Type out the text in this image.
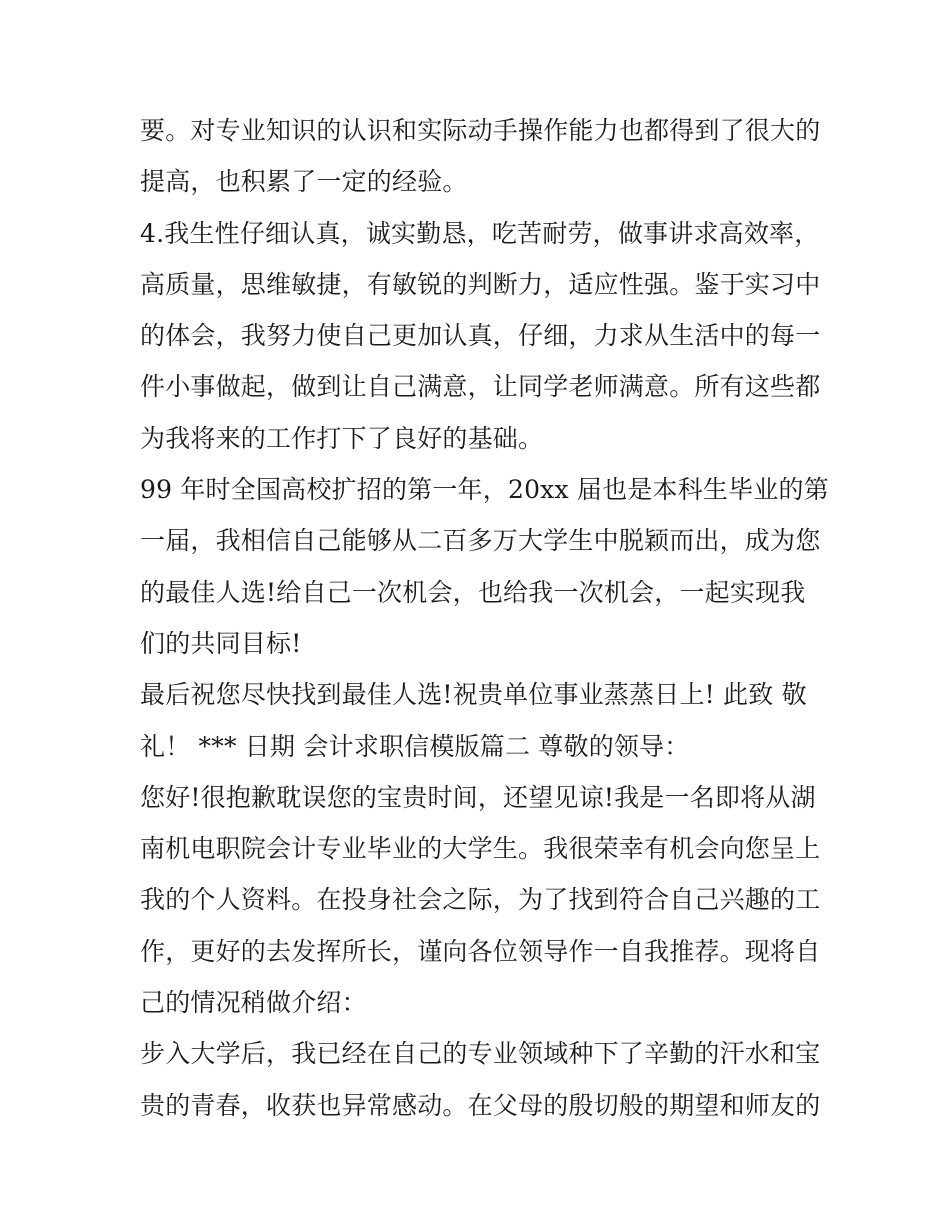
要。对专业知识的认识和实际动手操作能力也都得到了很大的
提高，也积累了一定的经验。
4.我生性仔细认真，诚实勤恳，吃苦耐劳，做事讲求高效率，
高质量，思维敏捷，有敏锐的判断力，适应性强。鉴于实习中
的体会，我努力使自己更加认真，仔细，力求从生活中的每一
件小事做起，做到让自己满意，让同学老师满意。所有这些都
为我将来的工作打下了良好的基础。
99 年时全国高校扩招的第一年，20xx 届也是本科生毕业的第
一届，我相信自己能够从二百多万大学生中脱颖而出，成为您
的最佳人选!给自己一次机会，也给我一次机会，一起实现我
们的共同目标!
最后祝您尽快找到最佳人选!祝贵单位事业蒸蒸日上! 此致 敬
礼！ *** 日期 会计求职信模版篇二 尊敬的领导：
您好!很抱歉耽误您的宝贵时间，还望见谅!我是一名即将从湖
南机电职院会计专业毕业的大学生。我很荣幸有机会向您呈上
我的个人资料。在投身社会之际，为了找到符合自己兴趣的工
作，更好的去发挥所长，谨向各位领导作一自我推荐。现将自
己的情况稍做介绍：
步入大学后，我已经在自己的专业领域种下了辛勤的汗水和宝
贵的青春，收获也异常感动。在父母的殷切般的期望和师友的
